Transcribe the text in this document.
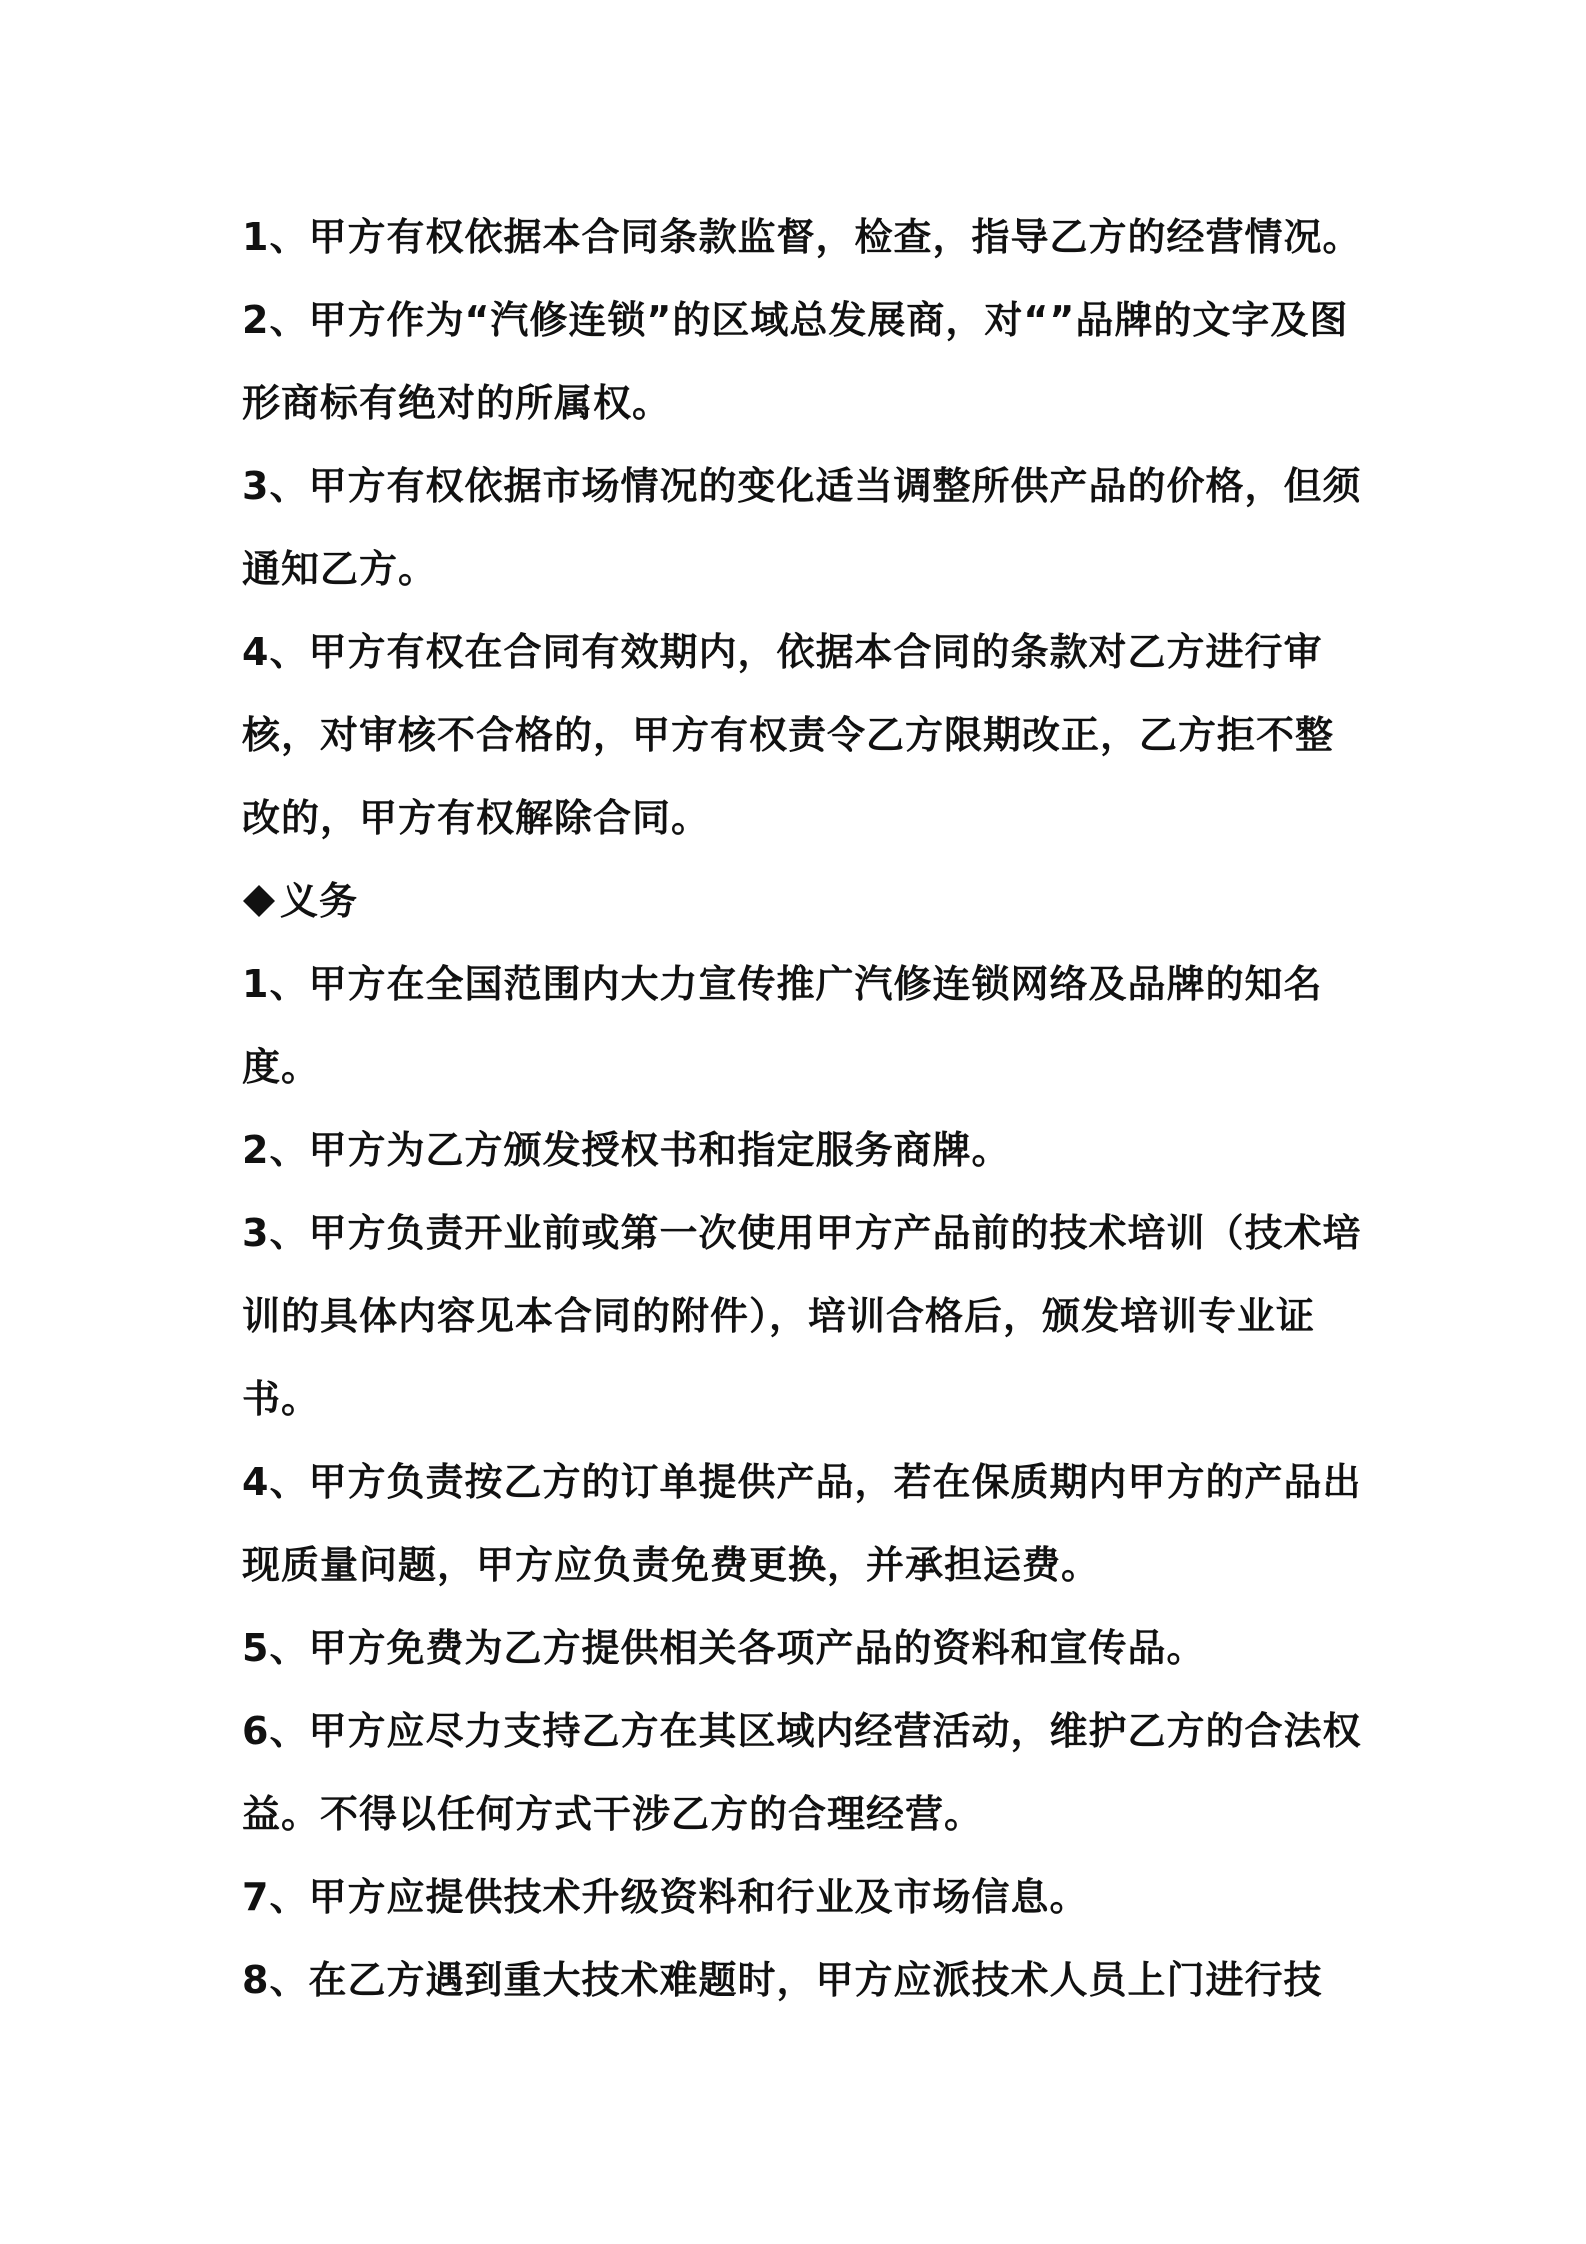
1、甲方有权依据本合同条款监督，检查，指导乙方的经营情况。

2、甲方作为“汽修连锁”的区域总发展商，对“”品牌的文字及图形商标有绝对的所属权。

3、甲方有权依据市场情况的变化适当调整所供产品的价格，但须通知乙方。

4、甲方有权在合同有效期内，依据本合同的条款对乙方进行审核，对审核不合格的，甲方有权责令乙方限期改正，乙方拒不整改的，甲方有权解除合同。

义务

1、甲方在全国范围内大力宣传推广汽修连锁网络及品牌的知名度。

2、甲方为乙方颁发授权书和指定服务商牌。

3、甲方负责开业前或第一次使用甲方产品前的技术培训（技术培训的具体内容见本合同的附件），培训合格后，颁发培训专业证书。

4、甲方负责按乙方的订单提供产品，若在保质期内甲方的产品出现质量问题，甲方应负责免费更换，并承担运费。

5、甲方免费为乙方提供相关各项产品的资料和宣传品。

6、甲方应尽力支持乙方在其区域内经营活动，维护乙方的合法权益。不得以任何方式干涉乙方的合理经营。

7、甲方应提供技术升级资料和行业及市场信息。

8、在乙方遇到重大技术难题时，甲方应派技术人员上门进行技
